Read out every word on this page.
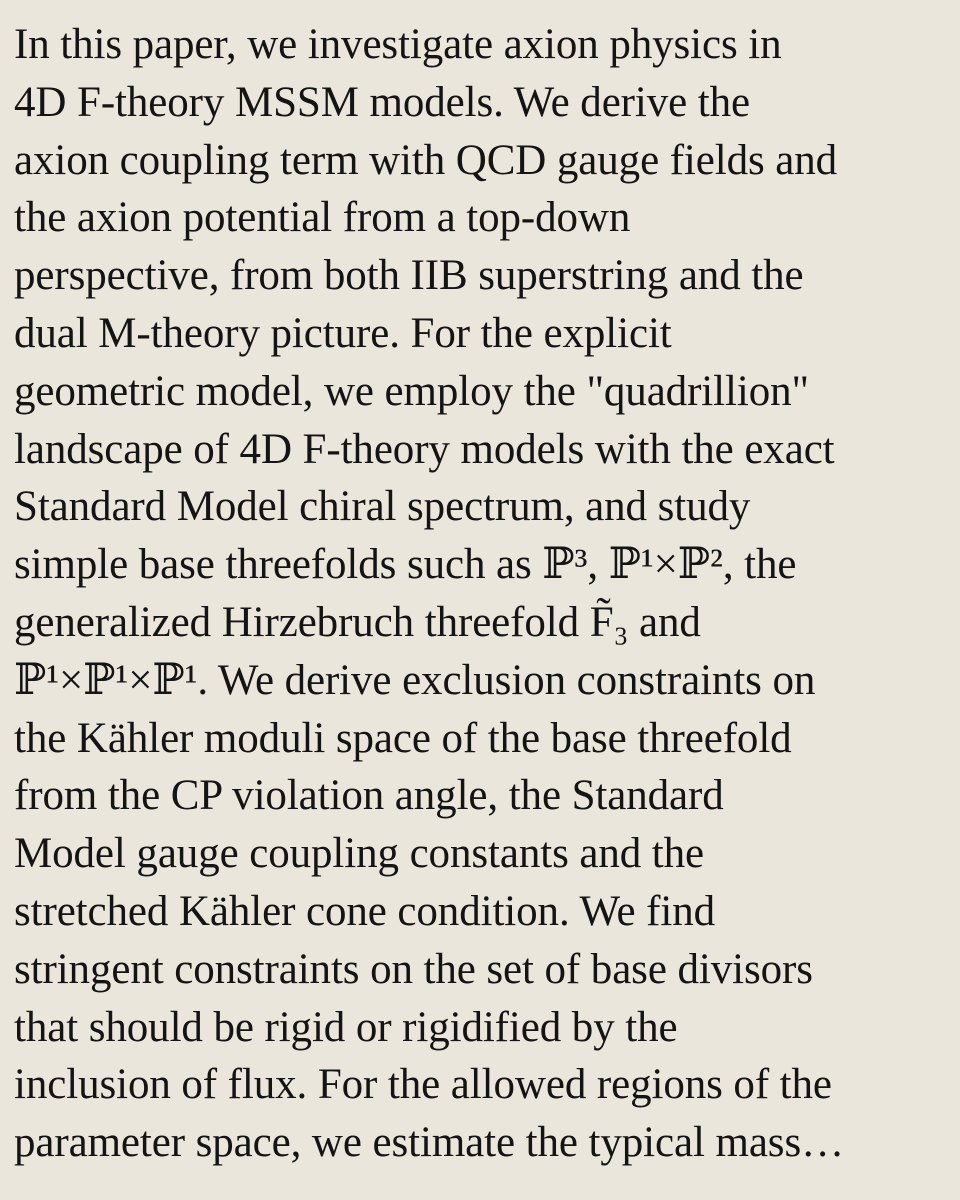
In this paper, we investigate axion physics in
4D F-theory MSSM models. We derive the
axion coupling term with QCD gauge fields and
the axion potential from a top-down
perspective, from both IIB superstring and the
dual M-theory picture. For the explicit
geometric model, we employ the "quadrillion"
landscape of 4D F-theory models with the exact
Standard Model chiral spectrum, and study
simple base threefolds such as ℙ³, ℙ¹×ℙ², the
generalized Hirzebruch threefold F̃₃ and
ℙ¹×ℙ¹×ℙ¹. We derive exclusion constraints on
the Kähler moduli space of the base threefold
from the CP violation angle, the Standard
Model gauge coupling constants and the
stretched Kähler cone condition. We find
stringent constraints on the set of base divisors
that should be rigid or rigidified by the
inclusion of flux. For the allowed regions of the
parameter space, we estimate the typical mass…
